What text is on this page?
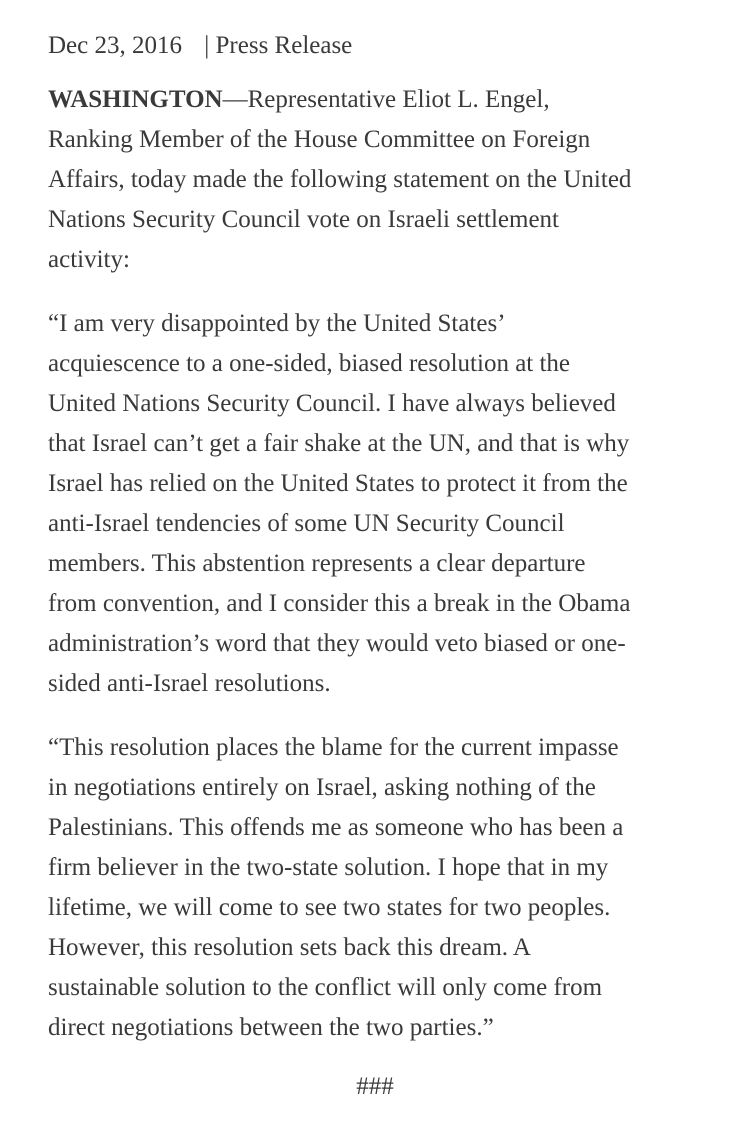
Dec 23, 2016 | Press Release
WASHINGTON—Representative Eliot L. Engel,
Ranking Member of the House Committee on Foreign
Affairs, today made the following statement on the United
Nations Security Council vote on Israeli settlement
activity:
“I am very disappointed by the United States’
acquiescence to a one-sided, biased resolution at the
United Nations Security Council. I have always believed
that Israel can’t get a fair shake at the UN, and that is why
Israel has relied on the United States to protect it from the
anti-Israel tendencies of some UN Security Council
members. This abstention represents a clear departure
from convention, and I consider this a break in the Obama
administration’s word that they would veto biased or one-
sided anti-Israel resolutions.
“This resolution places the blame for the current impasse
in negotiations entirely on Israel, asking nothing of the
Palestinians. This offends me as someone who has been a
firm believer in the two-state solution. I hope that in my
lifetime, we will come to see two states for two peoples.
However, this resolution sets back this dream. A
sustainable solution to the conflict will only come from
direct negotiations between the two parties.”
###
